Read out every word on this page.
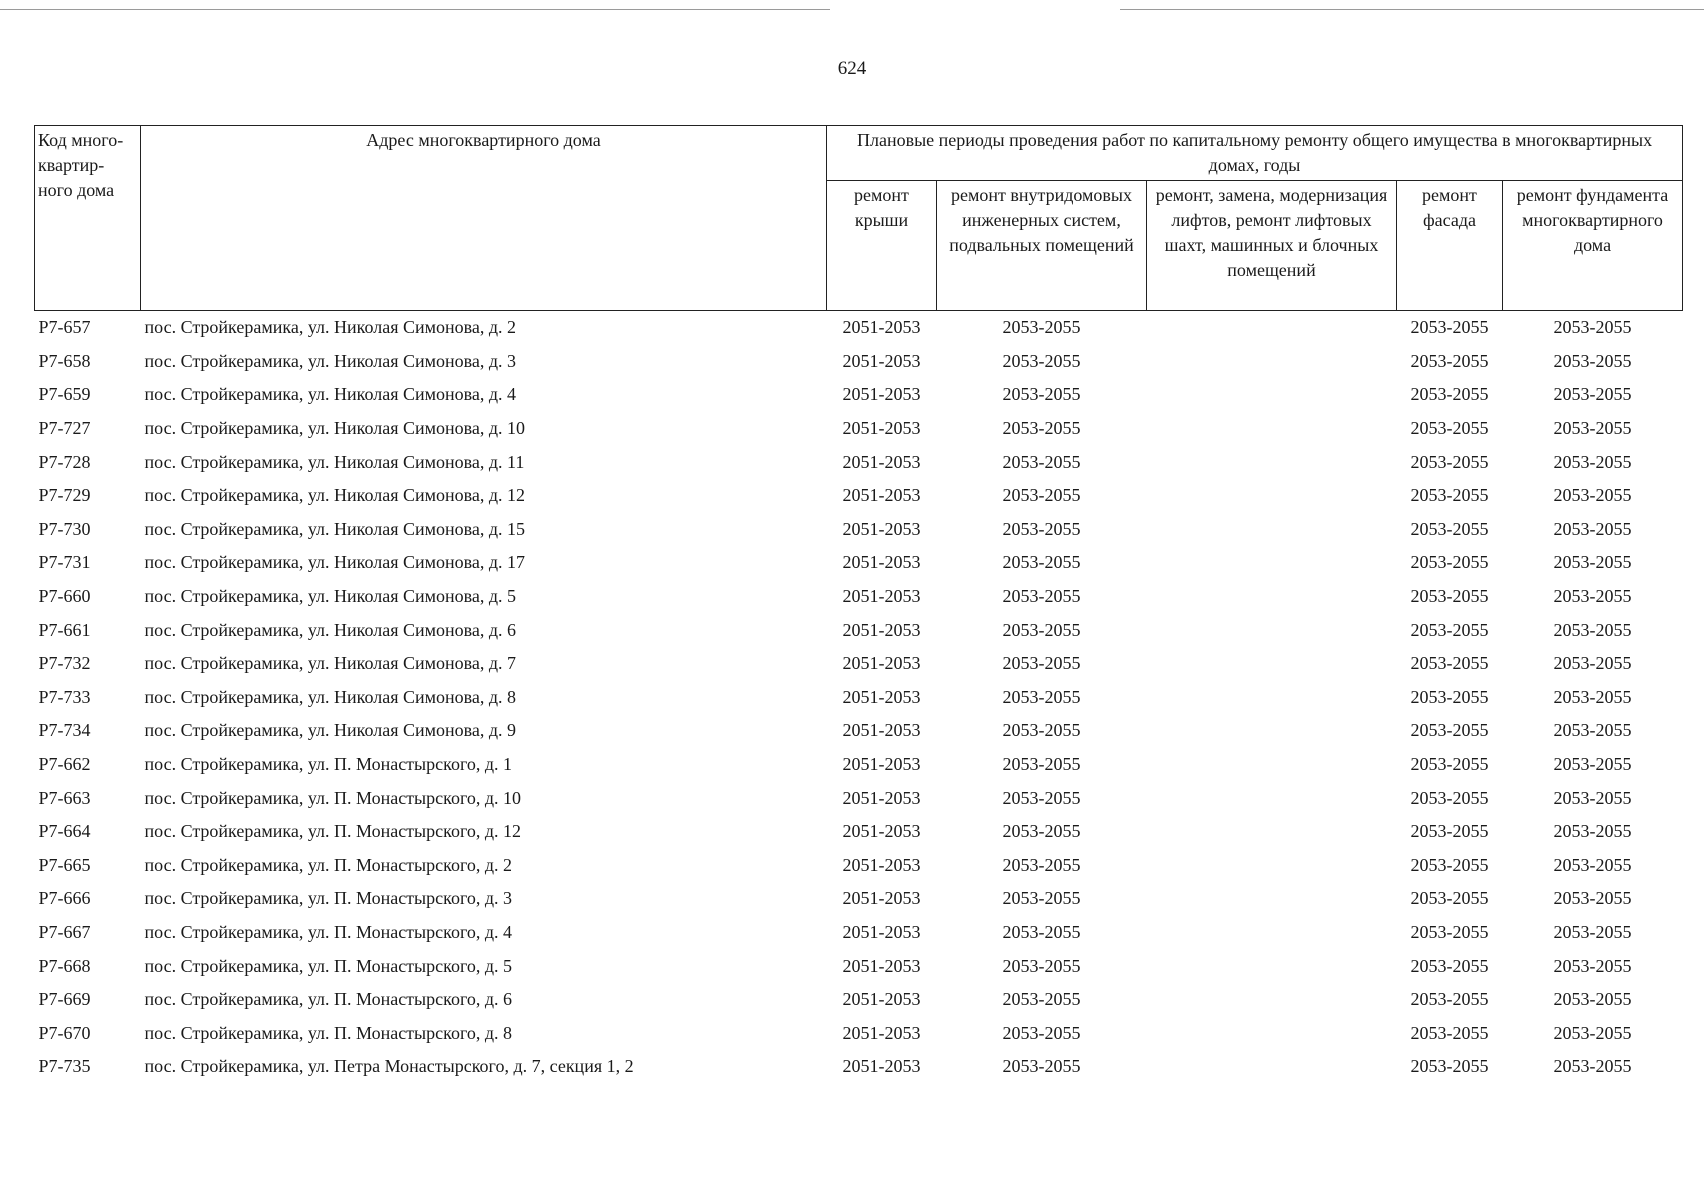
624
Код много-квартир-ного дома	Адрес многоквартирного дома	Плановые периоды проведения работ по капитальному ремонту общего имущества в многоквартирных домах, годы				
		ремонт крыши	ремонт внутридомовых инженерных систем, подвальных помещений	ремонт, замена, модернизация лифтов, ремонт лифтовых шахт, машинных и блочных помещений	ремонт фасада	ремонт фундамента многоквартирного дома
P7-657	пос. Стройкерамика, ул. Николая Симонова, д. 2	2051-2053	2053-2055		2053-2055	2053-2055
P7-658	пос. Стройкерамика, ул. Николая Симонова, д. 3	2051-2053	2053-2055		2053-2055	2053-2055
P7-659	пос. Стройкерамика, ул. Николая Симонова, д. 4	2051-2053	2053-2055		2053-2055	2053-2055
P7-727	пос. Стройкерамика, ул. Николая Симонова, д. 10	2051-2053	2053-2055		2053-2055	2053-2055
P7-728	пос. Стройкерамика, ул. Николая Симонова, д. 11	2051-2053	2053-2055		2053-2055	2053-2055
P7-729	пос. Стройкерамика, ул. Николая Симонова, д. 12	2051-2053	2053-2055		2053-2055	2053-2055
P7-730	пос. Стройкерамика, ул. Николая Симонова, д. 15	2051-2053	2053-2055		2053-2055	2053-2055
P7-731	пос. Стройкерамика, ул. Николая Симонова, д. 17	2051-2053	2053-2055		2053-2055	2053-2055
P7-660	пос. Стройкерамика, ул. Николая Симонова, д. 5	2051-2053	2053-2055		2053-2055	2053-2055
P7-661	пос. Стройкерамика, ул. Николая Симонова, д. 6	2051-2053	2053-2055		2053-2055	2053-2055
P7-732	пос. Стройкерамика, ул. Николая Симонова, д. 7	2051-2053	2053-2055		2053-2055	2053-2055
P7-733	пос. Стройкерамика, ул. Николая Симонова, д. 8	2051-2053	2053-2055		2053-2055	2053-2055
P7-734	пос. Стройкерамика, ул. Николая Симонова, д. 9	2051-2053	2053-2055		2053-2055	2053-2055
P7-662	пос. Стройкерамика, ул. П. Монастырского, д. 1	2051-2053	2053-2055		2053-2055	2053-2055
P7-663	пос. Стройкерамика, ул. П. Монастырского, д. 10	2051-2053	2053-2055		2053-2055	2053-2055
P7-664	пос. Стройкерамика, ул. П. Монастырского, д. 12	2051-2053	2053-2055		2053-2055	2053-2055
P7-665	пос. Стройкерамика, ул. П. Монастырского, д. 2	2051-2053	2053-2055		2053-2055	2053-2055
P7-666	пос. Стройкерамика, ул. П. Монастырского, д. 3	2051-2053	2053-2055		2053-2055	2053-2055
P7-667	пос. Стройкерамика, ул. П. Монастырского, д. 4	2051-2053	2053-2055		2053-2055	2053-2055
P7-668	пос. Стройкерамика, ул. П. Монастырского, д. 5	2051-2053	2053-2055		2053-2055	2053-2055
P7-669	пос. Стройкерамика, ул. П. Монастырского, д. 6	2051-2053	2053-2055		2053-2055	2053-2055
P7-670	пос. Стройкерамика, ул. П. Монастырского, д. 8	2051-2053	2053-2055		2053-2055	2053-2055
P7-735	пос. Стройкерамика, ул. Петра Монастырского, д. 7, секция 1, 2	2051-2053	2053-2055		2053-2055	2053-2055
